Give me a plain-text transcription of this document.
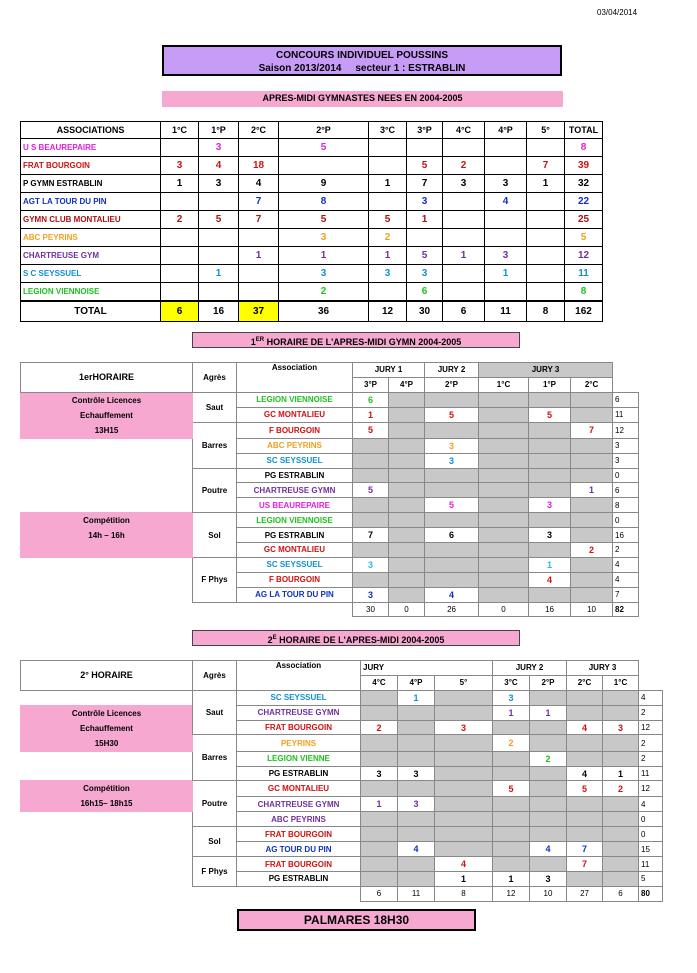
03/04/2014
CONCOURS INDIVIDUEL POUSSINS
Saison 2013/2014 secteur 1 : ESTRABLIN
APRES-MIDI GYMNASTES NEES EN 2004-2005
ASSOCIATIONS	1°C	1°P	2°C	2°P	3°C	3°P	4°C	4°P	5°	TOTAL
U S BEAUREPAIRE		3		5						8
FRAT BOURGOIN	3	4	18			5	2		7	39
P GYMN ESTRABLIN	1	3	4	9	1	7	3	3	1	32
AGT LA TOUR DU PIN			7	8		3		4		22
GYMN CLUB MONTALIEU	2	5	7	5	5	1				25
ABC PEYRINS				3	2					5
CHARTREUSE GYM			1	1	1	5	1	3		12
S C SEYSSUEL		1		3	3	3		1		11
LEGION VIENNOISE				2		6				8
TOTAL	6	16	37	36	12	30	6	11	8	162
1ER HORAIRE DE L'APRES-MIDI GYMN 2004-2005
1erHORAIRE	Agrès	Association	JURY 1		JURY 2	JURY 3			
			3°P	4°P	2°P	1°C	1°P	2°C	

Contrôle Licences
Echauffement
13H15	Saut	LEGION VIENNOISE	6						6
		GC MONTALIEU	1		5		5		11
	Barres	F BOURGOIN	5					7	12
		ABC PEYRINS			3				3
		SC SEYSSUEL			3				3
	Poutre	PG ESTRABLIN							0
		CHARTREUSE GYMN	5					1	6
		US BEAUREPAIRE			5		3		8

Compétition
14h – 16h	Sol	LEGION VIENNOISE							0
		PG ESTRABLIN	7		6		3		16
		GC MONTALIEU						2	2
	F Phys	SC SEYSSUEL	3				1		4
		F BOURGOIN					4		4
		AG LA TOUR DU PIN	3		4				7
			30	0	26	0	16	10	82
$2^E$ HORAIRE DE L'APRES-MIDI 2004-2005
2° HORAIRE	Agrès	Association	JURY			JURY 2		JURY 3		
			4°C	4°P	5°	3°C	2°P	2°C	1°C	
	Saut	SC SEYSSUEL		1		3				4

Contrôle Licences
Echauffement
15H30		CHARTREUSE GYMN				1	1			2
		FRAT BOURGOIN	2		3			4	3	12
	Barres	PEYRINS				2				2
		LEGION VIENNE					2			2
		PG ESTRABLIN	3	3				4	1	11

Compétition
16h15– 18h15	Poutre	GC MONTALIEU				5		5	2	12
		CHARTREUSE GYMN	1	3						4
		ABC PEYRINS								0
	Sol	FRAT BOURGOIN								0
		AG TOUR DU PIN		4			4	7		15
	F Phys	FRAT BOURGOIN			4			7		11
		PG ESTRABLIN			1	1	3			5
			6	11	8	12	10	27	6	80
PALMARES 18H30
